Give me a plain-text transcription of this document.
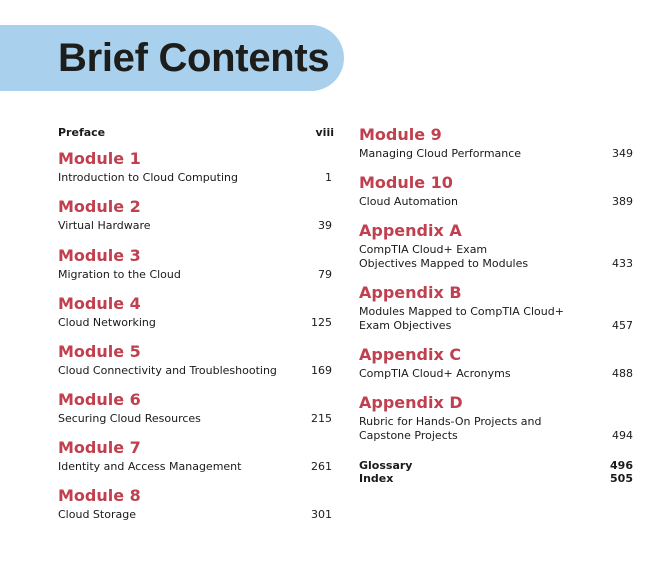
Brief Contents
Preface	viii
Module 1
Introduction to Cloud Computing	1
Module 2
Virtual Hardware	39
Module 3
Migration to the Cloud	79
Module 4
Cloud Networking	125
Module 5
Cloud Connectivity and Troubleshooting	169
Module 6
Securing Cloud Resources	215
Module 7
Identity and Access Management	261
Module 8
Cloud Storage	301
Module 9
Managing Cloud Performance	349
Module 10
Cloud Automation	389
Appendix A
CompTIA Cloud+ Exam Objectives Mapped to Modules	433
Appendix B
Modules Mapped to CompTIA Cloud+ Exam Objectives	457
Appendix C
CompTIA Cloud+ Acronyms	488
Appendix D
Rubric for Hands-On Projects and Capstone Projects	494
Glossary	496
Index	505
